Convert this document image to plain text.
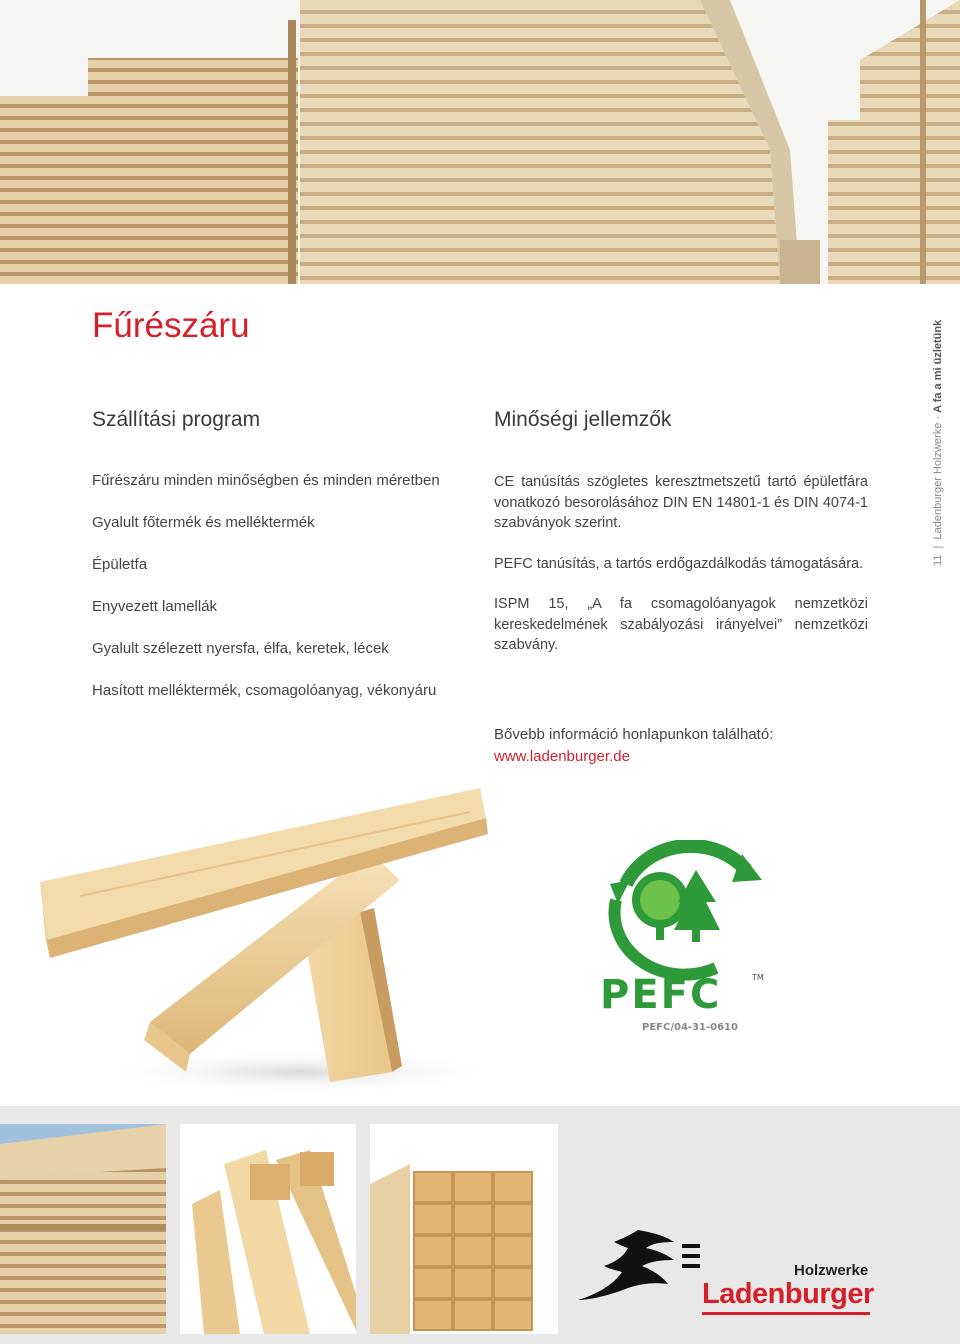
11  |  Ladenburger Holzwerke · A fa a mi üzletünk
Fűrészáru
Szállítási program
Fűrészáru minden minőségben és minden méretben
Gyalult főtermék és melléktermék
Épületfa
Enyvezett lamellák
Gyalult szélezett nyersfa, élfa, keretek, lécek
Hasított melléktermék, csomagolóanyag, vékonyáru
Minőségi jellemzők

CE tanúsítás szögletes keresztmetszetű tartó épületfára vonatkozó besorolásához DIN EN 14801-1 és DIN 4074-1 szabványok szerint.

PEFC tanúsítás, a tartós erdőgazdálkodás támogatására.

ISPM 15, „A fa csomagolóanyagok nemzetközi kereskedelmének szabályozási irányelvei” nemzetközi szabvány.

Bővebb információ honlapunkon található:
www.ladenburger.de
PEFC	TM
PEFC/04-31-0610
Holzwerke
Ladenburger
